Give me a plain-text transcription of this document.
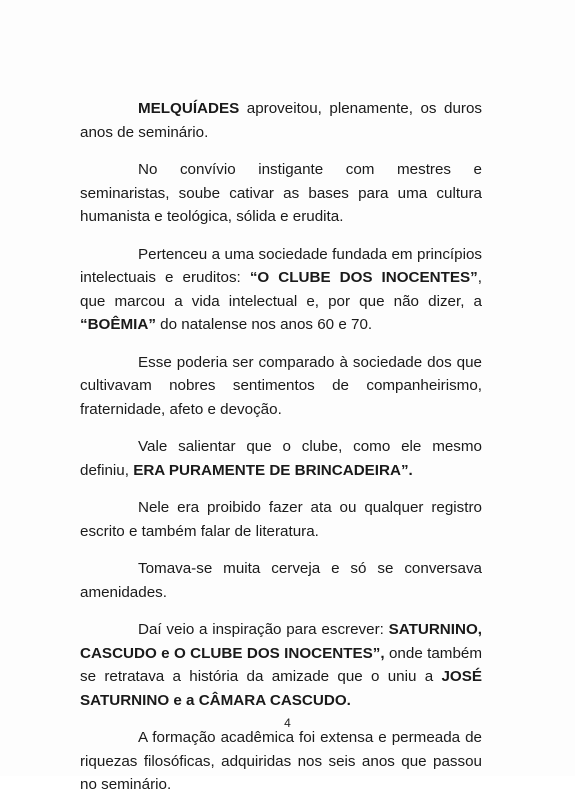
MELQUÍADES aproveitou, plenamente, os duros anos de seminário.

No convívio instigante com mestres e seminaristas, soube cativar as bases para uma cultura humanista e teológica, sólida e erudita.

Pertenceu a uma sociedade fundada em princípios intelectuais e eruditos: “O CLUBE DOS INOCENTES”, que marcou a vida intelectual e, por que não dizer, a “BOÊMIA” do natalense nos anos 60 e 70.

Esse poderia ser comparado à sociedade dos que cultivavam nobres sentimentos de companheirismo, fraternidade, afeto e devoção.

Vale salientar que o clube, como ele mesmo definiu, ERA PURAMENTE DE BRINCADEIRA”.

Nele era proibido fazer ata ou qualquer registro escrito e também falar de literatura.

Tomava-se muita cerveja e só se conversava amenidades.

Daí veio a inspiração para escrever: SATURNINO, CASCUDO e O CLUBE DOS INOCENTES”, onde também se retratava a história da amizade que o uniu a JOSÉ SATURNINO e a CÂMARA CASCUDO.

A formação acadêmica foi extensa e permeada de riquezas filosóficas, adquiridas nos seis anos que passou no seminário.

4
